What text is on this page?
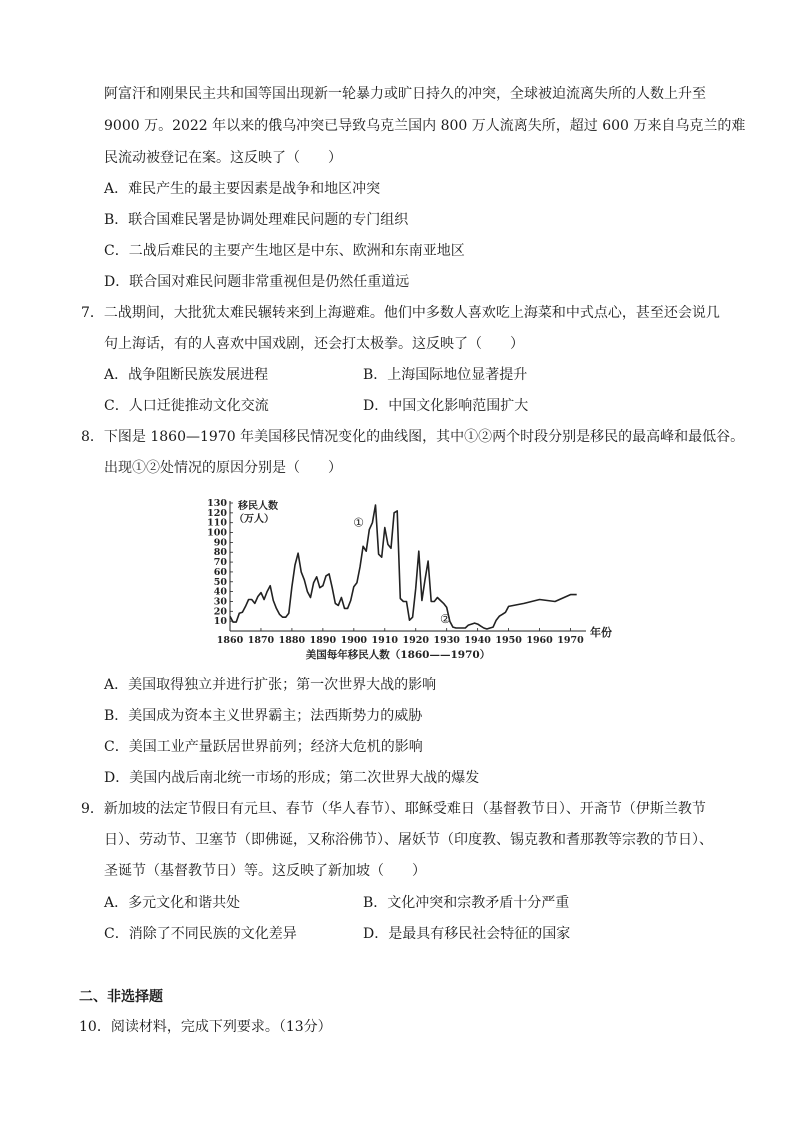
阿富汗和刚果民主共和国等国出现新一轮暴力或旷日持久的冲突，全球被迫流离失所的人数上升至
9000 万。2022 年以来的俄乌冲突已导致乌克兰国内 800 万人流离失所，超过 600 万来自乌克兰的难
民流动被登记在案。这反映了（　　）
A．难民产生的最主要因素是战争和地区冲突
B．联合国难民署是协调处理难民问题的专门组织
C．二战后难民的主要产生地区是中东、欧洲和东南亚地区
D．联合国对难民问题非常重视但是仍然任重道远
7．二战期间，大批犹太难民辗转来到上海避难。他们中多数人喜欢吃上海菜和中式点心，甚至还会说几
句上海话，有的人喜欢中国戏剧，还会打太极拳。这反映了（　　）
A．战争阻断民族发展进程	B．上海国际地位显著提升
C．人口迁徙推动文化交流	D．中国文化影响范围扩大
8．下图是 1860—1970 年美国移民情况变化的曲线图，其中①②两个时段分别是移民的最高峰和最低谷。
出现①②处情况的原因分别是（　　）
10
20
30
40
50
60
70
80
90
100
110
120
130
1860 1870 1880 1890 1900 1910 1920 1930 1940 1950 1960 1970
移民人数
（万人）
年份
①
②
美国每年移民人数（1860——1970）
A．美国取得独立并进行扩张；第一次世界大战的影响
B．美国成为资本主义世界霸主；法西斯势力的威胁
C．美国工业产量跃居世界前列；经济大危机的影响
D．美国内战后南北统一市场的形成；第二次世界大战的爆发
9．新加坡的法定节假日有元旦、春节（华人春节）、耶稣受难日（基督教节日）、开斋节（伊斯兰教节
日）、劳动节、卫塞节（即佛诞，又称浴佛节）、屠妖节（印度教、锡克教和耆那教等宗教的节日）、
圣诞节（基督教节日）等。这反映了新加坡（　　）
A．多元文化和谐共处	B．文化冲突和宗教矛盾十分严重
C．消除了不同民族的文化差异	D．是最具有移民社会特征的国家
二、非选择题
10．阅读材料，完成下列要求。（13分）
